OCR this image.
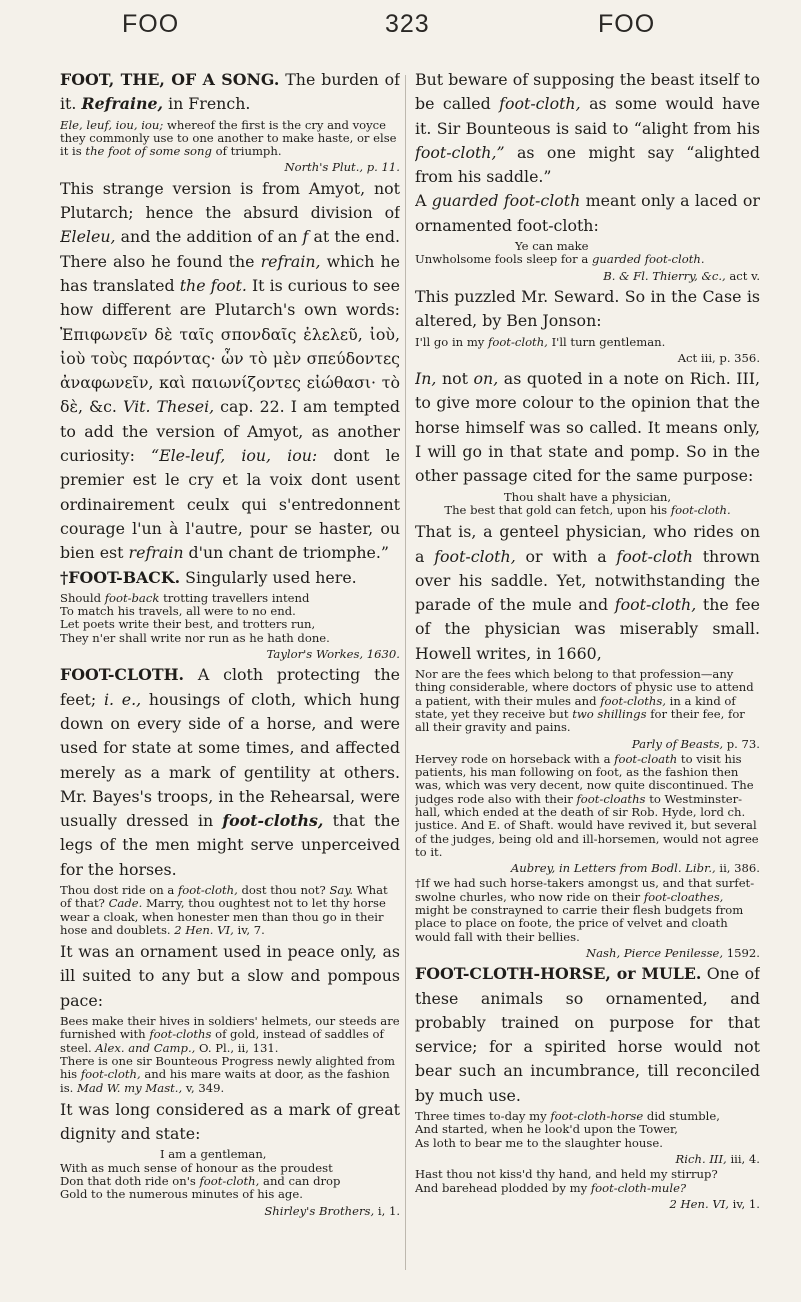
FOO	323	FOO

FOOT, THE, OF A SONG. The burden of it. Refraine, in French.

Ele, leuf, iou, iou; whereof the first is the cry and voyce they commonly use to one another to make haste, or else it is the foot of some song of triumph.

North's Plut., p. 11.

This strange version is from Amyot, not Plutarch; hence the absurd division of Eleleu, and the addition of an f at the end. There also he found the refrain, which he has translated the foot. It is curious to see how different are Plutarch's own words: Ἐπιφωνεῖν δὲ ταῖς σπονδαῖς ἐλελεῦ, ἰοὺ, ἰοὺ τοὺς παρόντας· ὧν τὸ μὲν σπεύδοντες ἀναφωνεῖν, καὶ παιωνίζοντες εἰώθασι· τὸ δὲ, &c. Vit. Thesei, cap. 22. I am tempted to add the version of Amyot, as another curiosity: “Ele-leuf, iou, iou: dont le premier est le cry et la voix dont usent ordinairement ceulx qui s'entredonnent courage l'un à l'autre, pour se haster, ou bien est refrain d'un chant de triomphe.”

†FOOT-BACK. Singularly used here.

Should foot-back trotting travellers intend
To match his travels, all were to no end.
Let poets write their best, and trotters run,
They n'er shall write nor run as he hath done.

Taylor's Workes, 1630.

FOOT-CLOTH. A cloth protecting the feet; i. e., housings of cloth, which hung down on every side of a horse, and were used for state at some times, and affected merely as a mark of gentility at others. Mr. Bayes's troops, in the Rehearsal, were usually dressed in foot-cloths, that the legs of the men might serve unperceived for the horses.

Thou dost ride on a foot-cloth, dost thou not? Say. What of that? Cade. Marry, thou oughtest not to let thy horse wear a cloak, when honester men than thou go in their hose and doublets. 2 Hen. VI, iv, 7.

It was an ornament used in peace only, as ill suited to any but a slow and pompous pace:

Bees make their hives in soldiers' helmets, our steeds are furnished with foot-cloths of gold, instead of saddles of steel. Alex. and Camp., O. Pl., ii, 131.
There is one sir Bounteous Progress newly alighted from his foot-cloth, and his mare waits at door, as the fashion is. Mad W. my Mast., v, 349.

It was long considered as a mark of great dignity and state:

I am a gentleman,
With as much sense of honour as the proudest
Don that doth ride on's foot-cloth, and can drop
Gold to the numerous minutes of his age.

Shirley's Brothers, i, 1.

But beware of supposing the beast itself to be called foot-cloth, as some would have it. Sir Bounteous is said to “alight from his foot-cloth,” as one might say “alighted from his saddle.”

A guarded foot-cloth meant only a laced or ornamented foot-cloth:

Ye can make
Unwholsome fools sleep for a guarded foot-cloth.

B. & Fl. Thierry, &c., act v.

This puzzled Mr. Seward. So in the Case is altered, by Ben Jonson:

I'll go in my foot-cloth, I'll turn gentleman.

Act iii, p. 356.

In, not on, as quoted in a note on Rich. III, to give more colour to the opinion that the horse himself was so called. It means only, I will go in that state and pomp. So in the other passage cited for the same purpose:

Thou shalt have a physician,
The best that gold can fetch, upon his foot-cloth.

That is, a genteel physician, who rides on a foot-cloth, or with a foot-cloth thrown over his saddle. Yet, notwithstanding the parade of the mule and foot-cloth, the fee of the physician was miserably small. Howell writes, in 1660,

Nor are the fees which belong to that profession—any thing considerable, where doctors of physic use to attend a patient, with their mules and foot-cloths, in a kind of state, yet they receive but two shillings for their fee, for all their gravity and pains.

Parly of Beasts, p. 73.

Hervey rode on horseback with a foot-cloath to visit his patients, his man following on foot, as the fashion then was, which was very decent, now quite discontinued. The judges rode also with their foot-cloaths to Westminster-hall, which ended at the death of sir Rob. Hyde, lord ch. justice. And E. of Shaft. would have revived it, but several of the judges, being old and ill-horsemen, would not agree to it.

Aubrey, in Letters from Bodl. Libr., ii, 386.

†If we had such horse-takers amongst us, and that surfet-swolne churles, who now ride on their foot-cloathes, might be constrayned to carrie their flesh budgets from place to place on foote, the price of velvet and cloath would fall with their bellies.

Nash, Pierce Penilesse, 1592.

FOOT-CLOTH-HORSE, or MULE. One of these animals so ornamented, and probably trained on purpose for that service; for a spirited horse would not bear such an incumbrance, till reconciled by much use.

Three times to-day my foot-cloth-horse did stumble,
And started, when he look'd upon the Tower,
As loth to bear me to the slaughter house.

Rich. III, iii, 4.

Hast thou not kiss'd thy hand, and held my stirrup?
And barehead plodded by my foot-cloth-mule?

2 Hen. VI, iv, 1.
